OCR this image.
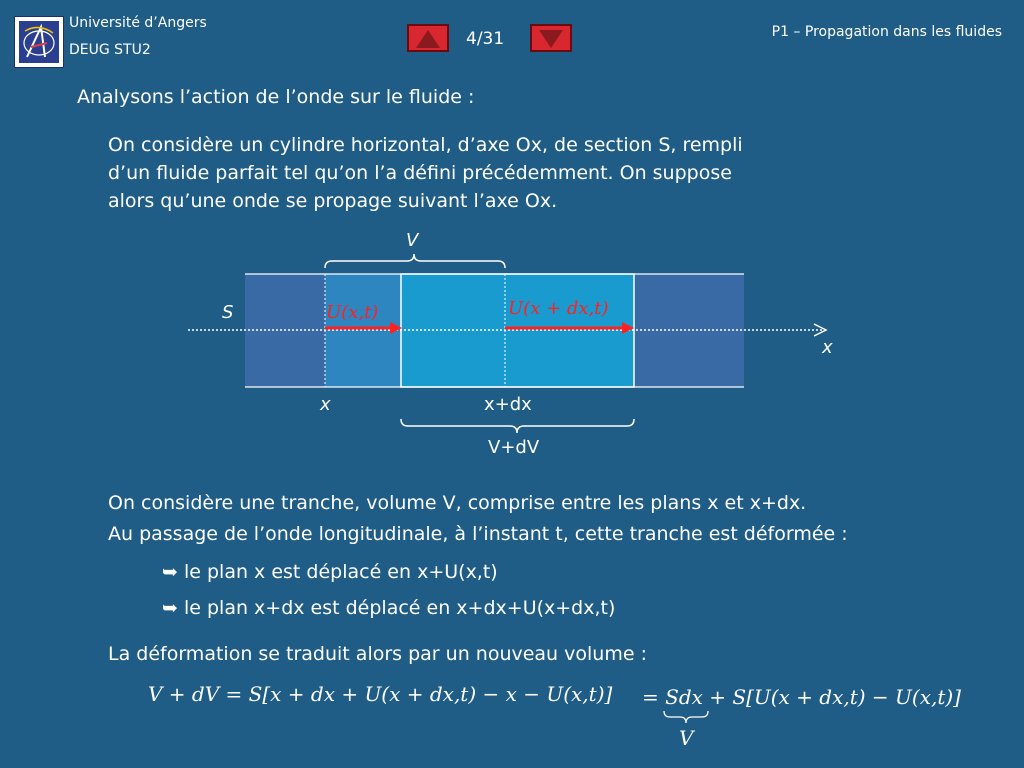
Université d’Angers
DEUG STU2
4/31	P1 – Propagation dans les fluides
Analysons l’action de l’onde sur le fluide :
On considère un cylindre horizontal, d’axe Ox, de section S, rempli
d’un fluide parfait tel qu’on l’a défini précédemment. On suppose
alors qu’une onde se propage suivant l’axe Ox.
V
S	U(x,t)	U(x + dx,t)
x
x	x+dx
V+dV
On considère une tranche, volume V, comprise entre les plans x et x+dx.
Au passage de l’onde longitudinale, à l’instant t, cette tranche est déformée :
➥ le plan x est déplacé en x+U(x,t)
➥ le plan x+dx est déplacé en x+dx+U(x+dx,t)
La déformation se traduit alors par un nouveau volume :
V + dV = S[x + dx + U(x + dx,t) − x − U(x,t)] = Sdx + S[U(x + dx,t) − U(x,t)]
V
